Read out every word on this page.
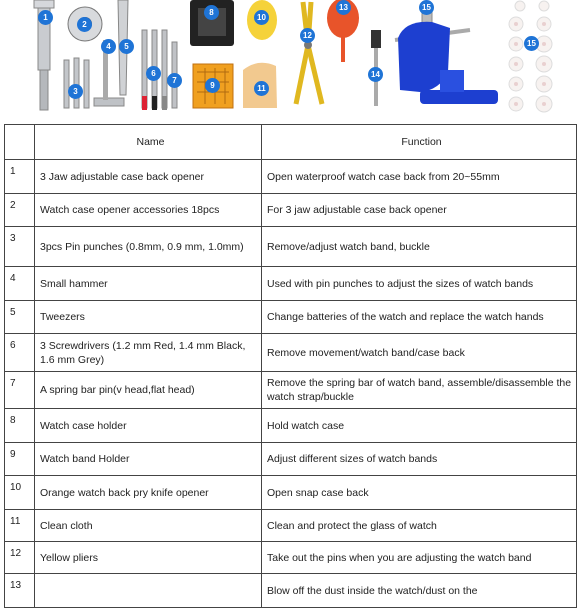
1
2
3
4	5
6
7
8
9
10
11
12
13
14
15
15
	Name	Function
1	3 Jaw adjustable case back opener	Open waterproof watch case back from 20~55mm
2	Watch case opener accessories 18pcs	For 3 jaw adjustable case back opener
3	3pcs Pin punches (0.8mm, 0.9 mm, 1.0mm)	Remove/adjust watch band, buckle
4	Small hammer	Used with pin punches to adjust the sizes of watch bands
5	Tweezers	Change batteries of the watch and replace the watch hands
6	3 Screwdrivers (1.2 mm Red, 1.4 mm Black, 1.6 mm Grey)	Remove movement/watch band/case back
7	A spring bar pin(v head,flat head)	Remove the spring bar of watch band, assemble/disassemble the watch strap/buckle
8	Watch case holder	Hold watch case
9	Watch band Holder	Adjust different sizes of watch bands
10	Orange watch back pry knife opener	Open snap case back
11	Clean cloth	Clean and protect the glass of watch
12	Yellow pliers	Take out the pins when you are adjusting the watch band
13		Blow off the dust inside the watch/dust on the
